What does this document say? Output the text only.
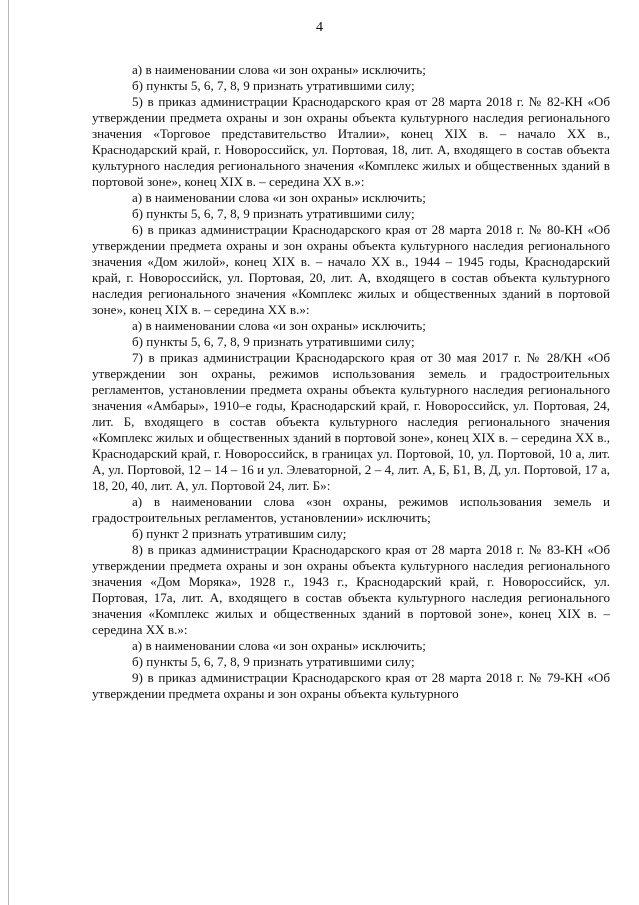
4

а) в наименовании слова «и зон охраны» исключить;

б) пункты 5, 6, 7, 8, 9 признать утратившими силу;

5) в приказ администрации Краснодарского края от 28 марта 2018 г. № 82-КН «Об утверждении предмета охраны и зон охраны объекта культурного наследия регионального значения «Торговое представительство Италии», конец XIX в. – начало XX в., Краснодарский край, г. Новороссийск, ул. Портовая, 18, лит. А, входящего в состав объекта культурного наследия регионального значения «Комплекс жилых и общественных зданий в портовой зоне», конец XIX в. – середина XX в.»:

а) в наименовании слова «и зон охраны» исключить;

б) пункты 5, 6, 7, 8, 9 признать утратившими силу;

6) в приказ администрации Краснодарского края от 28 марта 2018 г. № 80-КН «Об утверждении предмета охраны и зон охраны объекта культурного наследия регионального значения «Дом жилой», конец XIX в. – начало XX в., 1944 – 1945 годы, Краснодарский край, г. Новороссийск, ул. Портовая, 20, лит. А, входящего в состав объекта культурного наследия регионального значения «Комплекс жилых и общественных зданий в портовой зоне», конец XIX в. – середина XX в.»:

а) в наименовании слова «и зон охраны» исключить;

б) пункты 5, 6, 7, 8, 9 признать утратившими силу;

7) в приказ администрации Краснодарского края от 30 мая 2017 г. № 28/КН «Об утверждении зон охраны, режимов использования земель и градостроительных регламентов, установлении предмета охраны объекта культурного наследия регионального значения «Амбары», 1910–е годы, Краснодарский край, г. Новороссийск, ул. Портовая, 24, лит. Б, входящего в состав объекта культурного наследия регионального значения «Комплекс жилых и общественных зданий в портовой зоне», конец XIX в. – середина XX в., Краснодарский край, г. Новороссийск, в границах ул. Портовой, 10, ул. Портовой, 10 а, лит. А, ул. Портовой, 12 – 14 – 16 и ул. Элеваторной, 2 – 4, лит. А, Б, Б1, В, Д, ул. Портовой, 17 а, 18, 20, 40, лит. А, ул. Портовой 24, лит. Б»:

а) в наименовании слова «зон охраны, режимов использования земель и градостроительных регламентов, установлении» исключить;

б) пункт 2 признать утратившим силу;

8) в приказ администрации Краснодарского края от 28 марта 2018 г. № 83-КН «Об утверждении предмета охраны и зон охраны объекта культурного наследия регионального значения «Дом Моряка», 1928 г., 1943 г., Краснодарский край, г. Новороссийск, ул. Портовая, 17а, лит. А, входящего в состав объекта культурного наследия регионального значения «Комплекс жилых и общественных зданий в портовой зоне», конец XIX в. – середина XX в.»:

а) в наименовании слова «и зон охраны» исключить;

б) пункты 5, 6, 7, 8, 9 признать утратившими силу;

9) в приказ администрации Краснодарского края от 28 марта 2018 г. № 79-КН «Об утверждении предмета охраны и зон охраны объекта культурного
